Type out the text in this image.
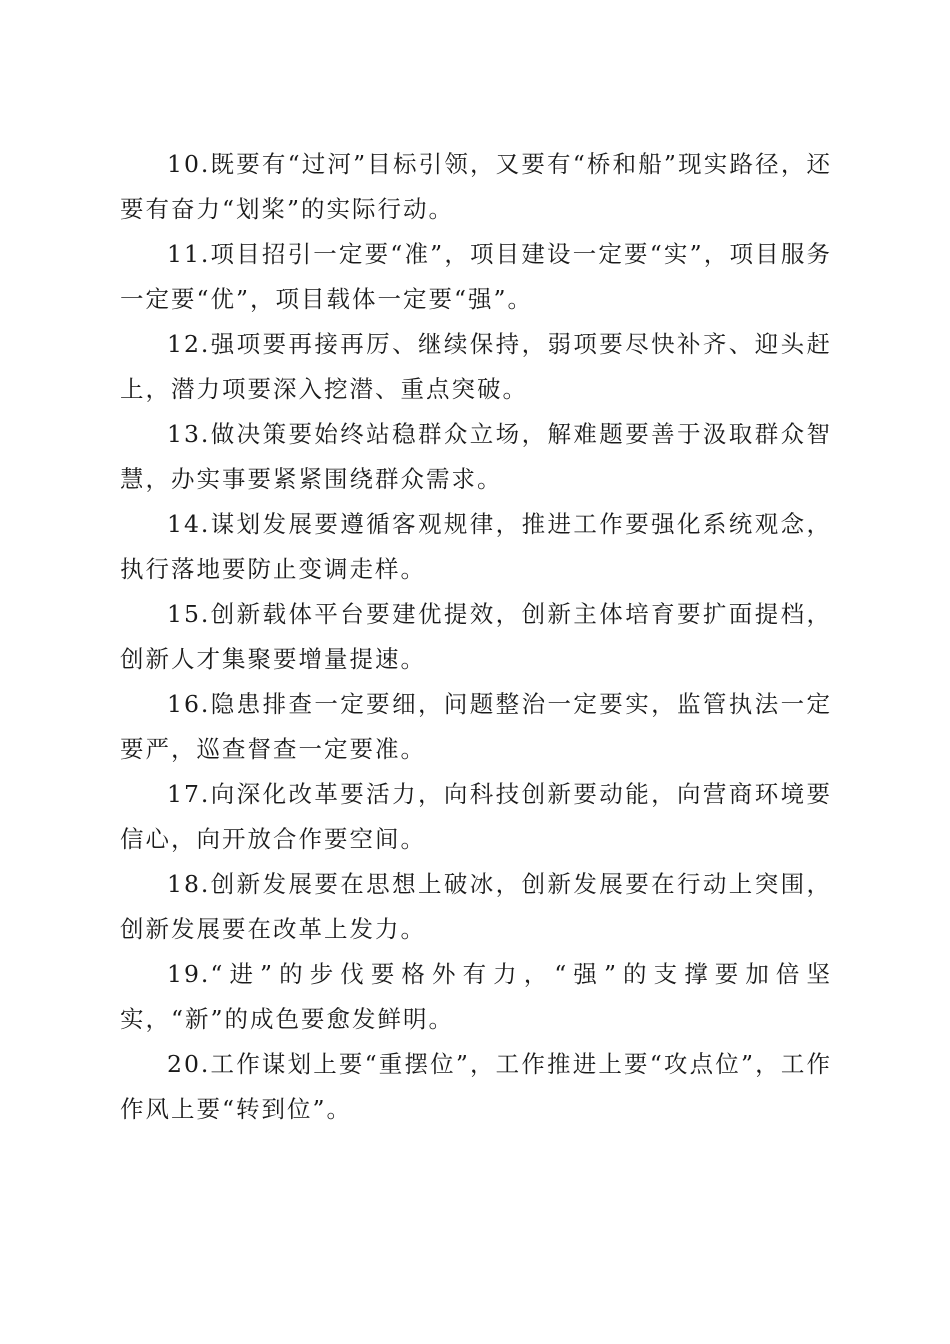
10.既要有“过河”目标引领，又要有“桥和船”现实路径，还要有奋力“划桨”的实际行动。

11.项目招引一定要“准”，项目建设一定要“实”，项目服务一定要“优”，项目载体一定要“强”。

12.强项要再接再厉、继续保持，弱项要尽快补齐、迎头赶上，潜力项要深入挖潜、重点突破。

13.做决策要始终站稳群众立场，解难题要善于汲取群众智慧，办实事要紧紧围绕群众需求。

14.谋划发展要遵循客观规律，推进工作要强化系统观念，执行落地要防止变调走样。

15.创新载体平台要建优提效，创新主体培育要扩面提档，创新人才集聚要增量提速。

16.隐患排查一定要细，问题整治一定要实，监管执法一定要严，巡查督查一定要准。

17.向深化改革要活力，向科技创新要动能，向营商环境要信心，向开放合作要空间。

18.创新发展要在思想上破冰，创新发展要在行动上突围，创新发展要在改革上发力。

19.“进”的步伐要格外有力，“强”的支撑要加倍坚实，“新”的成色要愈发鲜明。

20.工作谋划上要“重摆位”，工作推进上要“攻点位”，工作作风上要“转到位”。
